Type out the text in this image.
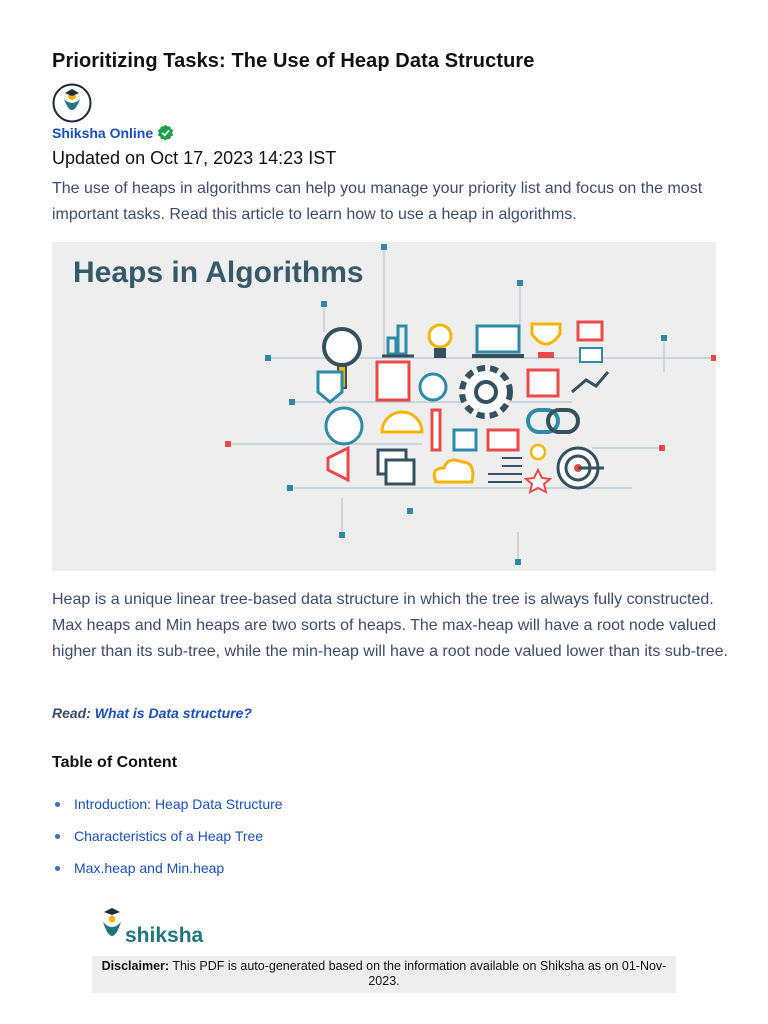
Prioritizing Tasks: The Use of Heap Data Structure
Shiksha Online
Updated on Oct 17, 2023 14:23 IST
The use of heaps in algorithms can help you manage your priority list and focus on the most important tasks. Read this article to learn how to use a heap in algorithms.
Heaps in Algorithms
Heap is a unique linear tree-based data structure in which the tree is always fully constructed. Max heaps and Min heaps are two sorts of heaps. The max-heap will have a root node valued higher than its sub-tree, while the min-heap will have a root node valued lower than its sub-tree.
Read: What is Data structure?
Table of Content
Introduction: Heap Data Structure
Characteristics of a Heap Tree
Max.heap and Min.heap
shiksha
Disclaimer: This PDF is auto-generated based on the information available on Shiksha as on 01-Nov-2023.
